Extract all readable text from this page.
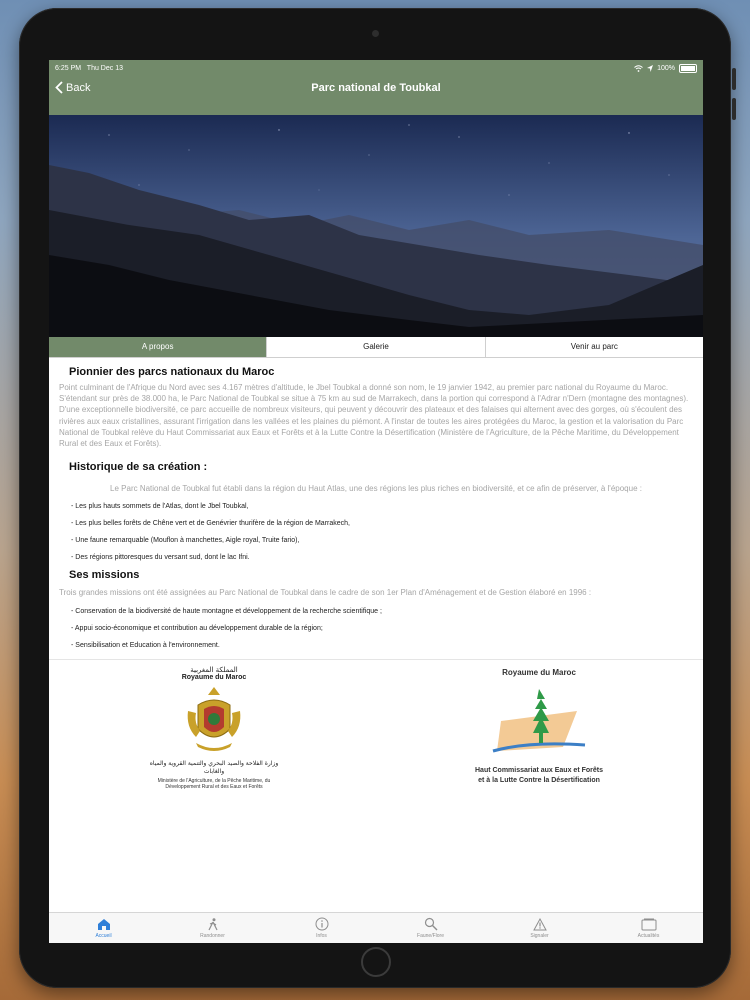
6:25 PM Thu Dec 13	100%
Back	Parc national de Toubkal
A propos	Galerie	Venir au parc
Pionnier des parcs nationaux du Maroc

Point culminant de l'Afrique du Nord avec ses 4.167 mètres d'altitude, le Jbel Toubkal a donné son nom, le 19 janvier 1942, au premier parc national du Royaume du Maroc. S'étendant sur près de 38.000 ha, le Parc National de Toubkal se situe à 75 km au sud de Marrakech, dans la portion qui correspond à l'Adrar n'Dern (montagne des montagnes). D'une exceptionnelle biodiversité, ce parc accueille de nombreux visiteurs, qui peuvent y découvrir des plateaux et des falaises qui alternent avec des gorges, où s'écoulent des rivières aux eaux cristallines, assurant l'irrigation dans les vallées et les plaines du piémont. A l'instar de toutes les aires protégées du Maroc, la gestion et la valorisation du Parc National de Toubkal relève du Haut Commissariat aux Eaux et Forêts et à la Lutte Contre la Désertification (Ministère de l'Agriculture, de la Pêche Maritime, du Développement Rural et des Eaux et Forêts).

Historique de sa création :

Le Parc National de Toubkal fut établi dans la région du Haut Atlas, une des régions les plus riches en biodiversité, et ce afin de préserver, à l'époque :

- Les plus hauts sommets de l'Atlas, dont le Jbel Toubkal,
- Les plus belles forêts de Chêne vert et de Genévrier thurifère de la région de Marrakech,
- Une faune remarquable (Mouflon à manchettes, Aigle royal, Truite fario),
- Des régions pittoresques du versant sud, dont le lac Ifni.
Ses missions

Trois grandes missions ont été assignées au Parc National de Toubkal dans le cadre de son 1er Plan d'Aménagement et de Gestion élaboré en 1996 :

- Conservation de la biodiversité de haute montagne et développement de la recherche scientifique ;
- Appui socio-économique et contribution au développement durable de la région;
- Sensibilisation et Education à l'environnement.
المملكة المغربية
Royaume du Maroc
وزارة الفلاحة والصيد البحري والتنمية القروية والمياه والغابات
Ministère de l'Agriculture, de la Pêche Maritime, du Développement Rural et des Eaux et Forêts
Royaume du Maroc
Haut Commissariat aux Eaux et Forêts
et à la Lutte Contre la Désertification
Accueil	Randonner	Infos	Faune/Flore	Signaler	Actualités
